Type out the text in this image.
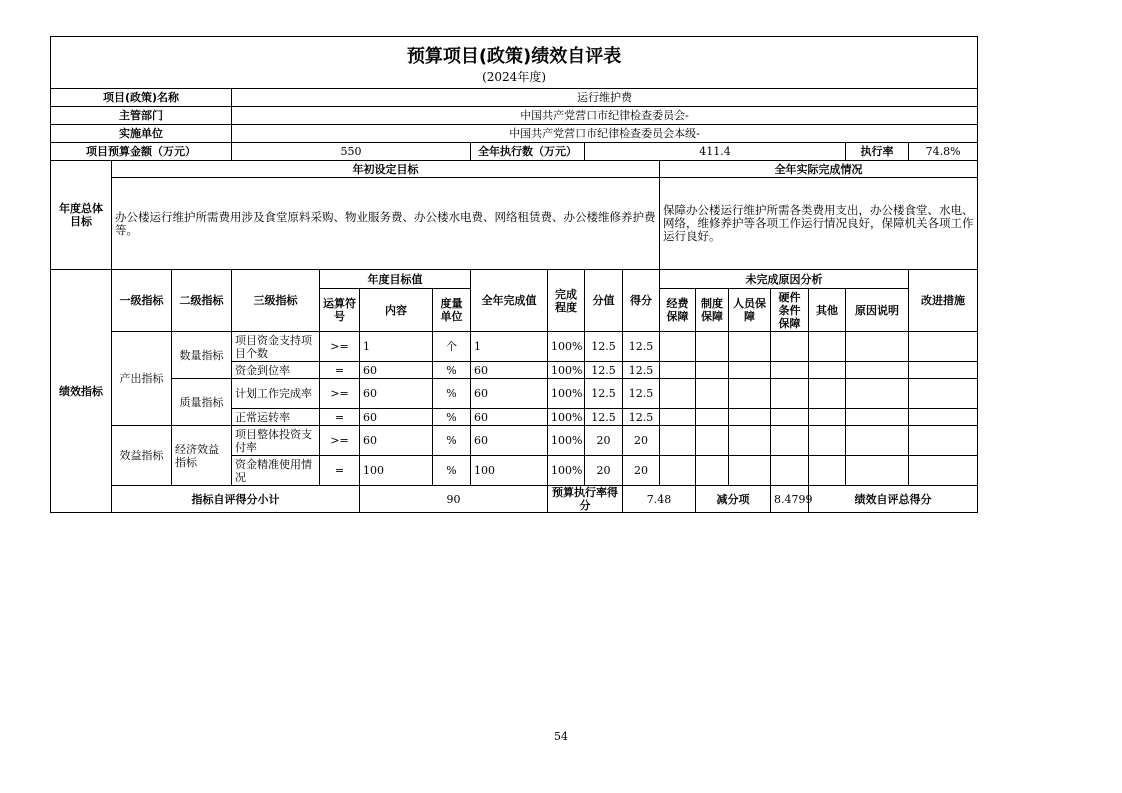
预算项目(政策)绩效自评表
(2024年度)																		

项目(政策)名称			运行维护费															
主管部门			中国共产党营口市纪律检查委员会-															
实施单位			中国共产党营口市纪律检查委员会本级-															
项目预算金额（万元）			550				全年执行数（万元）		411.4							执行率	74.8%	
年度总体目标	年初设定目标										全年实际完成情况							
	办公楼运行维护所需费用涉及食堂原料采购、物业服务费、办公楼水电费、网络租赁费、办公楼维修养护费等。										保障办公楼运行维护所需各类费用支出，办公楼食堂、水电、网络，维修养护等各项工作运行情况良好，保障机关各项工作运行良好。							
绩效指标	一级指标	二级指标	三级指标	年度目标值			全年完成值	完成程度	分值	得分	未完成原因分析						改进措施	
				运算符号	内容	度量单位					经费保障	制度保障	人员保障	硬件条件保障	其他	原因说明		
	产出指标	数量指标	项目资金支持项目个数	>=	1	个	1	100%	12.5	12.5								
			资金到位率	=	60	%	60	100%	12.5	12.5								
		质量指标	计划工作完成率	>=	60	%	60	100%	12.5	12.5								
			正常运转率	=	60	%	60	100%	12.5	12.5								
	效益指标	经济效益指标	项目整体投资支付率	>=	60	%	60	100%	20	20								
			资金精准使用情况	=	100	%	100	100%	20	20								
	指标自评得分小计				90			预算执行率得分		7.48		减分项		8.4799	绩效自评总得分	
54
